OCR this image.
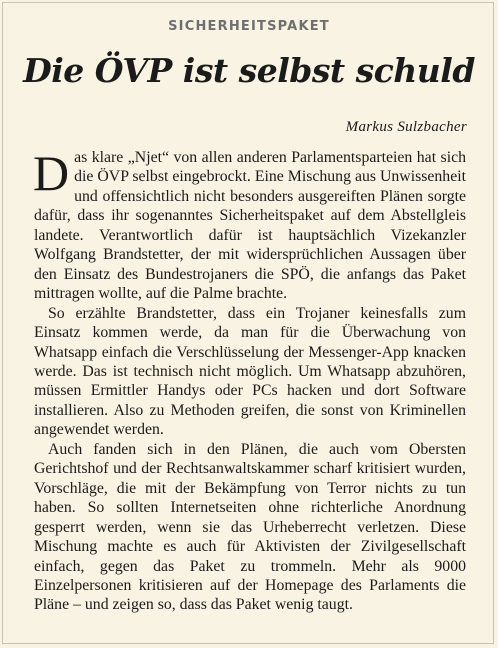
SICHERHEITSPAKET
Die ÖVP ist selbst schuld
Markus Sulzbacher

Das klare „Njet“ von allen anderen Parlamentsparteien hat sich die ÖVP selbst eingebrockt. Eine Mischung aus Unwissenheit und offensichtlich nicht besonders ausgereiften Plänen sorgte dafür, dass ihr sogenanntes Sicherheitspaket auf dem Abstellgleis landete. Verantwortlich dafür ist hauptsächlich Vizekanzler Wolfgang Brandstetter, der mit widersprüchlichen Aussagen über den Einsatz des Bundestrojaners die SPÖ, die anfangs das Paket mittragen wollte, auf die Palme brachte.

So erzählte Brandstetter, dass ein Trojaner keinesfalls zum Einsatz kommen werde, da man für die Überwachung von Whatsapp einfach die Verschlüsselung der Messenger-App knacken werde. Das ist technisch nicht möglich. Um Whatsapp abzuhören, müssen Ermittler Handys oder PCs hacken und dort Software installieren. Also zu Methoden greifen, die sonst von Kriminellen angewendet werden.

Auch fanden sich in den Plänen, die auch vom Obersten Gerichtshof und der Rechtsanwaltskammer scharf kritisiert wurden, Vorschläge, die mit der Bekämpfung von Terror nichts zu tun haben. So sollten Internetseiten ohne richterliche Anordnung gesperrt werden, wenn sie das Urheberrecht verletzen. Diese Mischung machte es auch für Aktivisten der Zivilgesellschaft einfach, gegen das Paket zu trommeln. Mehr als 9000 Einzelpersonen kritisieren auf der Homepage des Parlaments die Pläne – und zeigen so, dass das Paket wenig taugt.
